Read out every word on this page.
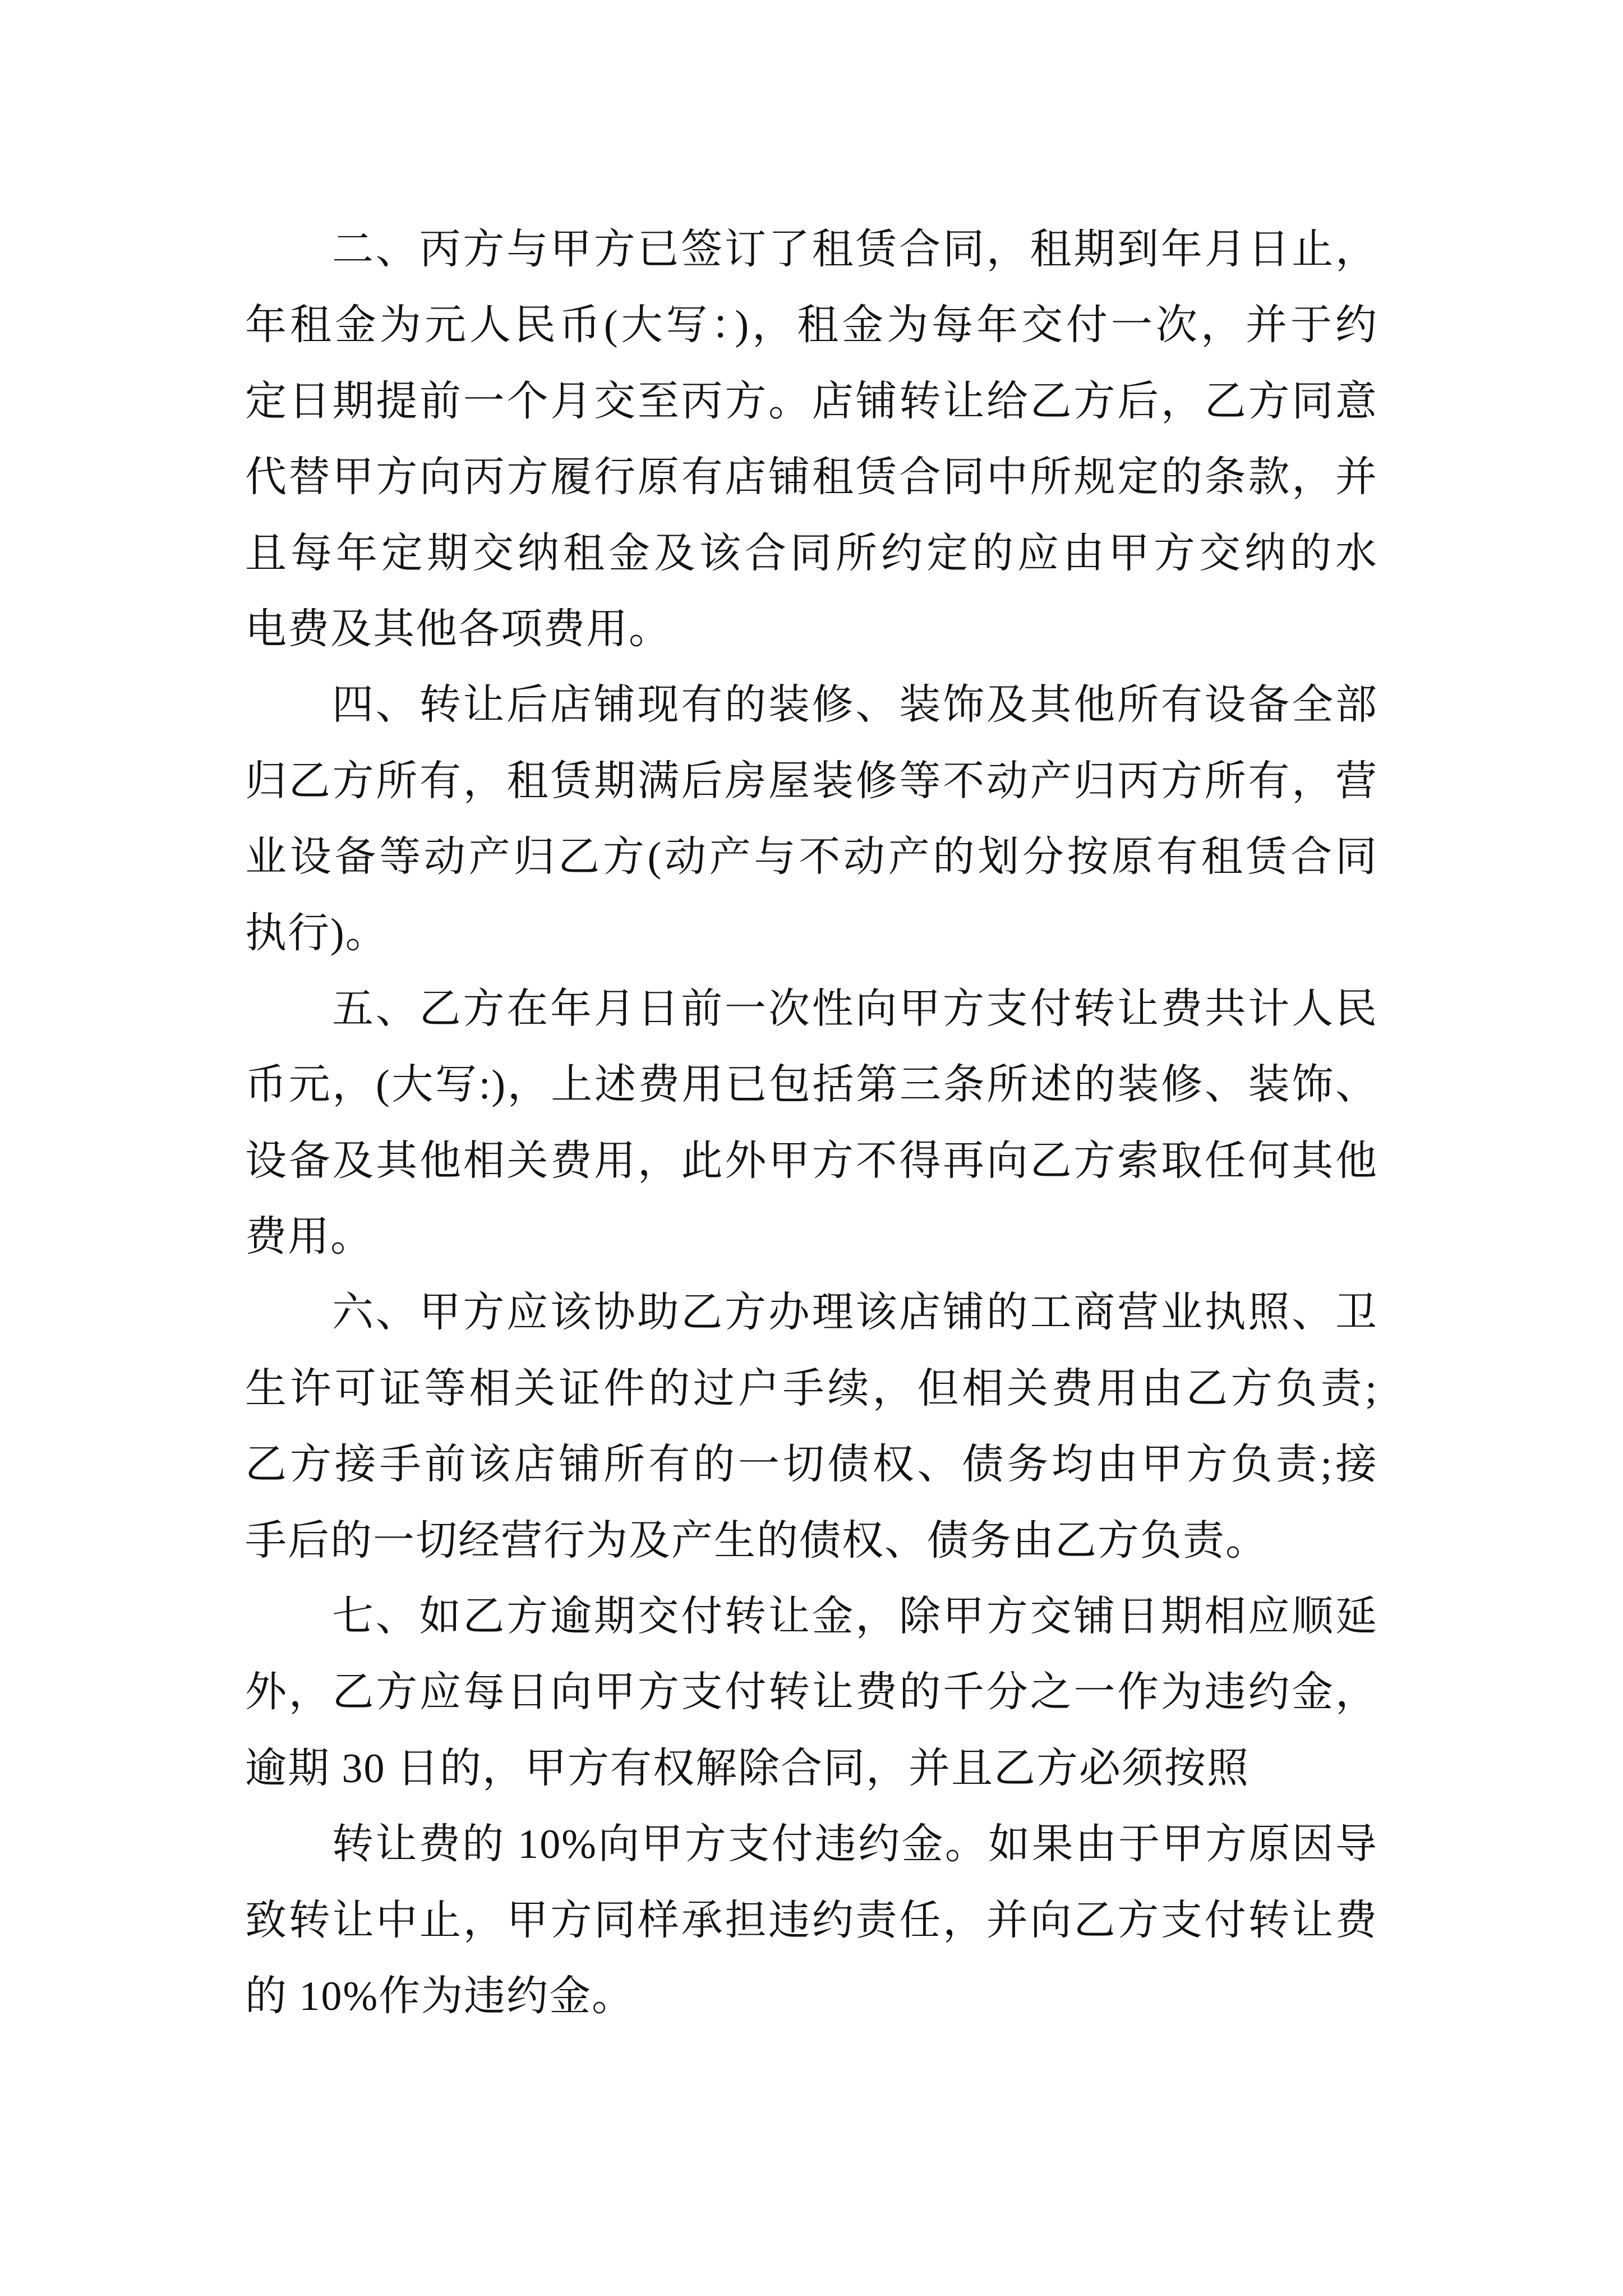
二、丙方与甲方已签订了租赁合同，租期到年月日止，
年租金为元人民币(大写：)，租金为每年交付一次，并于约
定日期提前一个月交至丙方。店铺转让给乙方后，乙方同意
代替甲方向丙方履行原有店铺租赁合同中所规定的条款，并
且每年定期交纳租金及该合同所约定的应由甲方交纳的水
电费及其他各项费用。
四、转让后店铺现有的装修、装饰及其他所有设备全部
归乙方所有，租赁期满后房屋装修等不动产归丙方所有，营
业设备等动产归乙方(动产与不动产的划分按原有租赁合同
执行)。
五、乙方在年月日前一次性向甲方支付转让费共计人民
币元，(大写:)，上述费用已包括第三条所述的装修、装饰、
设备及其他相关费用，此外甲方不得再向乙方索取任何其他
费用。
六、甲方应该协助乙方办理该店铺的工商营业执照、卫
生许可证等相关证件的过户手续，但相关费用由乙方负责;
乙方接手前该店铺所有的一切债权、债务均由甲方负责;接
手后的一切经营行为及产生的债权、债务由乙方负责。
七、如乙方逾期交付转让金，除甲方交铺日期相应顺延
外，乙方应每日向甲方支付转让费的千分之一作为违约金，
逾期 30 日的，甲方有权解除合同，并且乙方必须按照
转让费的 10%向甲方支付违约金。如果由于甲方原因导
致转让中止，甲方同样承担违约责任，并向乙方支付转让费
的 10%作为违约金。
